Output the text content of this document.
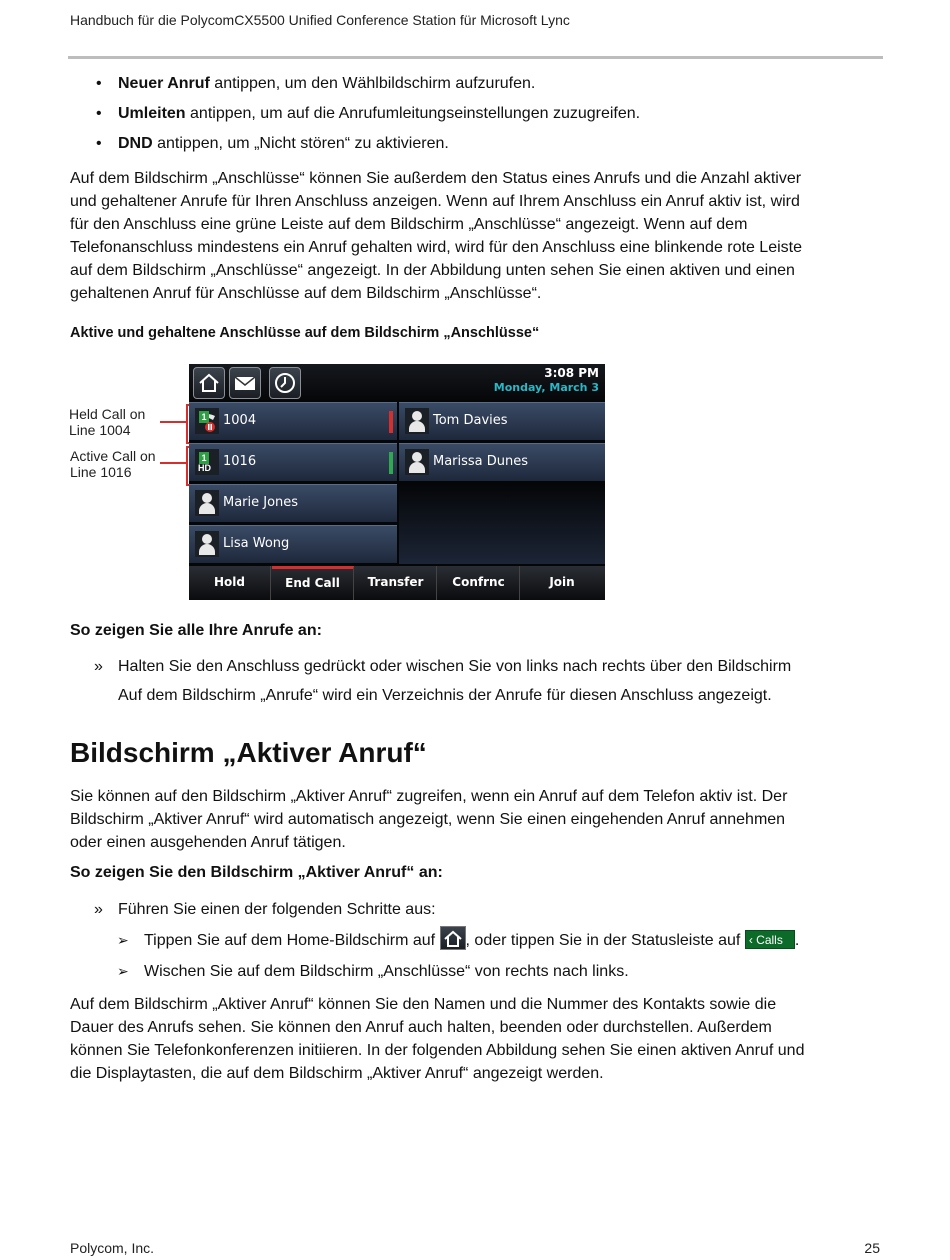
Handbuch für die PolycomCX5500 Unified Conference Station für Microsoft Lync
• Neuer Anruf antippen, um den Wählbildschirm aufzurufen.
• Umleiten antippen, um auf die Anrufumleitungseinstellungen zuzugreifen.
• DND antippen, um „Nicht stören“ zu aktivieren.
Auf dem Bildschirm „Anschlüsse“ können Sie außerdem den Status eines Anrufs und die Anzahl aktiver
und gehaltener Anrufe für Ihren Anschluss anzeigen. Wenn auf Ihrem Anschluss ein Anruf aktiv ist, wird
für den Anschluss eine grüne Leiste auf dem Bildschirm „Anschlüsse“ angezeigt. Wenn auf dem
Telefonanschluss mindestens ein Anruf gehalten wird, wird für den Anschluss eine blinkende rote Leiste
auf dem Bildschirm „Anschlüsse“ angezeigt. In der Abbildung unten sehen Sie einen aktiven und einen
gehaltenen Anruf für Anschlüsse auf dem Bildschirm „Anschlüsse“.
Aktive und gehaltene Anschlüsse auf dem Bildschirm „Anschlüsse“
Held Call on
Line 1004
Active Call on
Line 1016
3:08 PM
Monday, March 3
1 1004
1
HD 1016
Marie Jones
Lisa Wong
Tom Davies
Marissa Dunes
Hold	End Call	Transfer	Confrnc	Join
So zeigen Sie alle Ihre Anrufe an:
» Halten Sie den Anschluss gedrückt oder wischen Sie von links nach rechts über den Bildschirm
Auf dem Bildschirm „Anrufe“ wird ein Verzeichnis der Anrufe für diesen Anschluss angezeigt.
Bildschirm „Aktiver Anruf“
Sie können auf den Bildschirm „Aktiver Anruf“ zugreifen, wenn ein Anruf auf dem Telefon aktiv ist. Der
Bildschirm „Aktiver Anruf“ wird automatisch angezeigt, wenn Sie einen eingehenden Anruf annehmen
oder einen ausgehenden Anruf tätigen.
So zeigen Sie den Bildschirm „Aktiver Anruf“ an:
» Führen Sie einen der folgenden Schritte aus:
➢ Tippen Sie auf dem Home-Bildschirm auf , oder tippen Sie in der Statusleiste auf ‹ Calls .
➢ Wischen Sie auf dem Bildschirm „Anschlüsse“ von rechts nach links.
Auf dem Bildschirm „Aktiver Anruf“ können Sie den Namen und die Nummer des Kontakts sowie die
Dauer des Anrufs sehen. Sie können den Anruf auch halten, beenden oder durchstellen. Außerdem
können Sie Telefonkonferenzen initiieren. In der folgenden Abbildung sehen Sie einen aktiven Anruf und
die Displaytasten, die auf dem Bildschirm „Aktiver Anruf“ angezeigt werden.
Polycom, Inc.	25
